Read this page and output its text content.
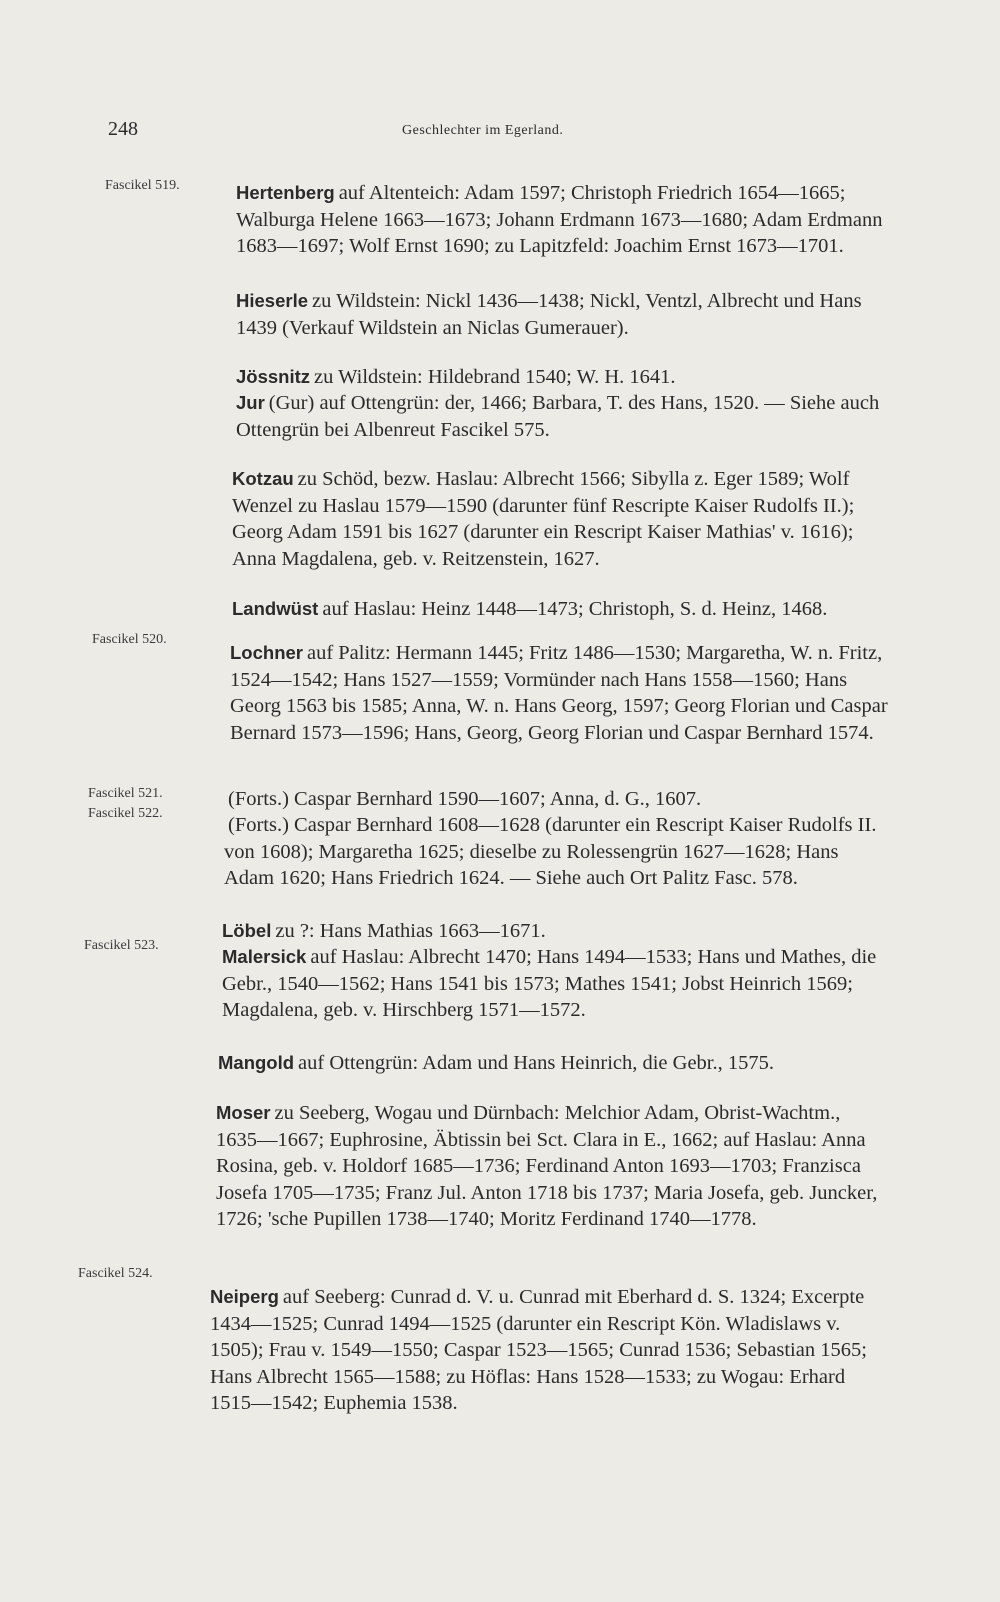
248	Geschlechter im Egerland.
Fascikel 519.
Fascikel 520.
Fascikel 521.
Fascikel 522.
Fascikel 523.
Fascikel 524.
Hertenberg auf Altenteich: Adam 1597; Christoph Friedrich 1654—1665; Walburga Helene 1663—1673; Johann Erdmann 1673—1680; Adam Erdmann 1683—1697; Wolf Ernst 1690; zu Lapitzfeld: Joachim Ernst 1673—1701.
Hieserle zu Wildstein: Nickl 1436—1438; Nickl, Ventzl, Albrecht und Hans 1439 (Verkauf Wildstein an Niclas Gumerauer).
Jössnitz zu Wildstein: Hildebrand 1540; W. H. 1641.
Jur (Gur) auf Ottengrün: der, 1466; Barbara, T. des Hans, 1520. — Siehe auch Ottengrün bei Albenreut Fascikel 575.
Kotzau zu Schöd, bezw. Haslau: Albrecht 1566; Sibylla z. Eger 1589; Wolf Wenzel zu Haslau 1579—1590 (darunter fünf Rescripte Kaiser Rudolfs II.); Georg Adam 1591 bis 1627 (darunter ein Rescript Kaiser Mathias' v. 1616); Anna Magdalena, geb. v. Reitzenstein, 1627.
Landwüst auf Haslau: Heinz 1448—1473; Christoph, S. d. Heinz, 1468.
Lochner auf Palitz: Hermann 1445; Fritz 1486—1530; Margaretha, W. n. Fritz, 1524—1542; Hans 1527—1559; Vormünder nach Hans 1558—1560; Hans Georg 1563 bis 1585; Anna, W. n. Hans Georg, 1597; Georg Florian und Caspar Bernard 1573—1596; Hans, Georg, Georg Florian und Caspar Bernhard 1574.
(Forts.) Caspar Bernhard 1590—1607; Anna, d. G., 1607.
(Forts.) Caspar Bernhard 1608—1628 (darunter ein Rescript Kaiser Rudolfs II. von 1608); Margaretha 1625; dieselbe zu Rolessengrün 1627—1628; Hans Adam 1620; Hans Friedrich 1624. — Siehe auch Ort Palitz Fasc. 578.
Löbel zu ?: Hans Mathias 1663—1671.
Malersick auf Haslau: Albrecht 1470; Hans 1494—1533; Hans und Mathes, die Gebr., 1540—1562; Hans 1541 bis 1573; Mathes 1541; Jobst Heinrich 1569; Magdalena, geb. v. Hirschberg 1571—1572.
Mangold auf Ottengrün: Adam und Hans Heinrich, die Gebr., 1575.
Moser zu Seeberg, Wogau und Dürnbach: Melchior Adam, Obrist-Wachtm., 1635—1667; Euphrosine, Äbtissin bei Sct. Clara in E., 1662; auf Haslau: Anna Rosina, geb. v. Holdorf 1685—1736; Ferdinand Anton 1693—1703; Franzisca Josefa 1705—1735; Franz Jul. Anton 1718 bis 1737; Maria Josefa, geb. Juncker, 1726; 'sche Pupillen 1738—1740; Moritz Ferdinand 1740—1778.
Neiperg auf Seeberg: Cunrad d. V. u. Cunrad mit Eberhard d. S. 1324; Excerpte 1434—1525; Cunrad 1494—1525 (darunter ein Rescript Kön. Wladislaws v. 1505); Frau v. 1549—1550; Caspar 1523—1565; Cunrad 1536; Sebastian 1565; Hans Albrecht 1565—1588; zu Höflas: Hans 1528—1533; zu Wogau: Erhard 1515—1542; Euphemia 1538.
